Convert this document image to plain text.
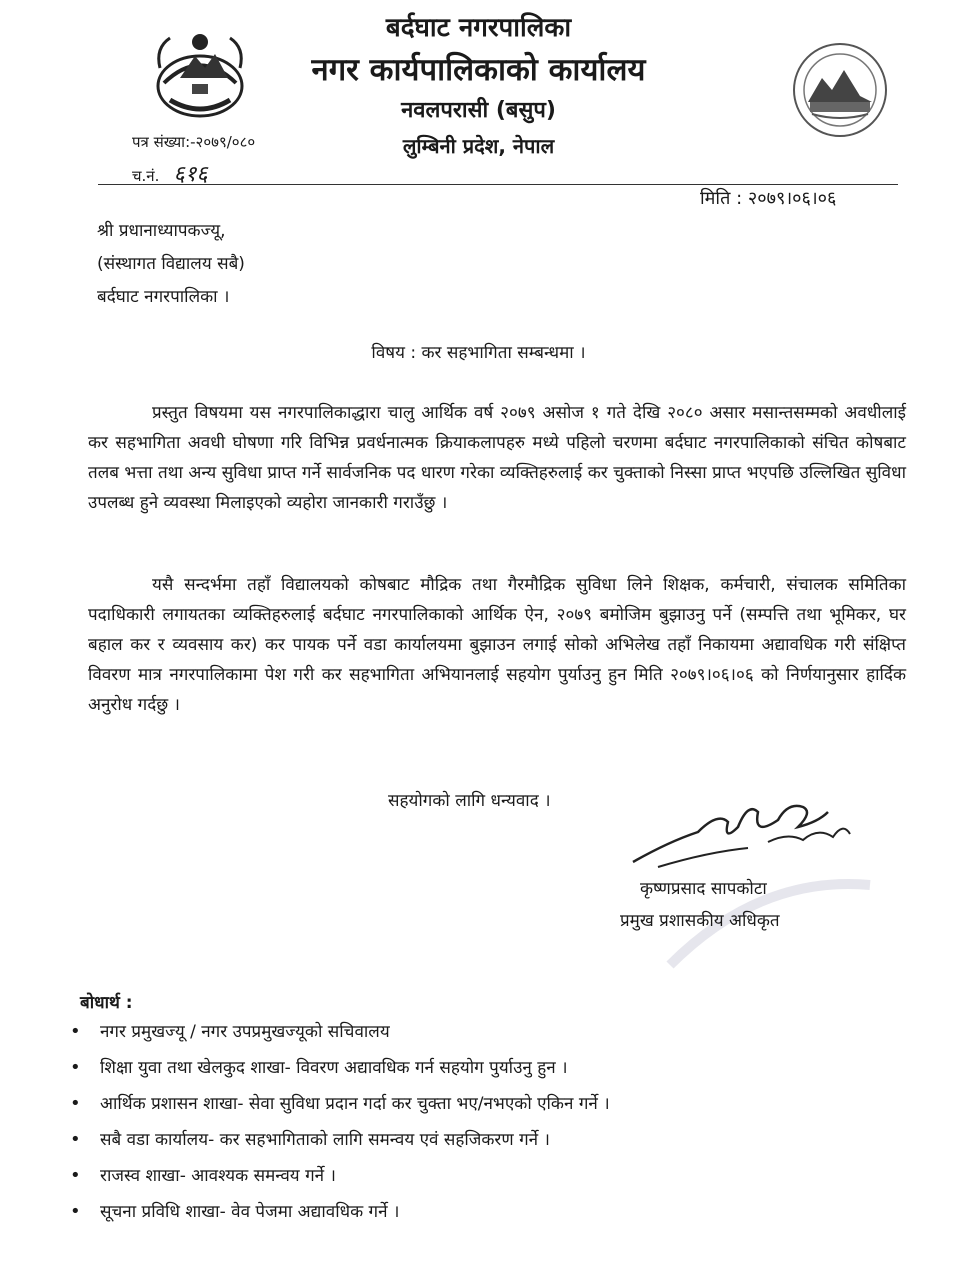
बर्दघाट नगरपालिका
नगर कार्यपालिकाको कार्यालय
नवलपरासी (बसुप)
लुम्बिनी प्रदेश, नेपाल
पत्र संख्या:-२०७९/०८०
च.नं. ६१६
मिति : २०७९।०६।०६
श्री प्रधानाध्यापकज्यू,
(संस्थागत विद्यालय सबै)
बर्दघाट नगरपालिका ।
विषय : कर सहभागिता सम्बन्धमा ।
प्रस्तुत विषयमा यस नगरपालिकाद्धारा चालु आर्थिक वर्ष २०७९ असोज १ गते देखि २०८० असार मसान्तसम्मको अवधीलाई कर सहभागिता अवधी घोषणा गरि विभिन्न प्रवर्धनात्मक क्रियाकलापहरु मध्ये पहिलो चरणमा बर्दघाट नगरपालिकाको संचित कोषबाट तलब भत्ता तथा अन्य सुविधा प्राप्त गर्ने सार्वजनिक पद धारण गरेका व्यक्तिहरुलाई कर चुक्ताको निस्सा प्राप्त भएपछि उल्लिखित सुविधा उपलब्ध हुने व्यवस्था मिलाइएको व्यहोरा जानकारी गराउँछु ।
यसै सन्दर्भमा तहाँ विद्यालयको कोषबाट मौद्रिक तथा गैरमौद्रिक सुविधा लिने शिक्षक, कर्मचारी, संचालक समितिका पदाधिकारी लगायतका व्यक्तिहरुलाई बर्दघाट नगरपालिकाको आर्थिक ऐन, २०७९ बमोजिम बुझाउनु पर्ने (सम्पत्ति तथा भूमिकर, घर बहाल कर र व्यवसाय कर) कर पायक पर्ने वडा कार्यालयमा बुझाउन लगाई सोको अभिलेख तहाँ निकायमा अद्यावधिक गरी संक्षिप्त विवरण मात्र नगरपालिकामा पेश गरी कर सहभागिता अभियानलाई सहयोग पुर्याउनु हुन मिति २०७९।०६।०६ को निर्णयानुसार हार्दिक अनुरोध गर्दछु ।
सहयोगको लागि धन्यवाद ।
कृष्णप्रसाद सापकोटा
प्रमुख प्रशासकीय अधिकृत
बोधार्थ :
• नगर प्रमुखज्यू / नगर उपप्रमुखज्यूको सचिवालय
• शिक्षा युवा तथा खेलकुद शाखा- विवरण अद्यावधिक गर्न सहयोग पुर्याउनु हुन ।
• आर्थिक प्रशासन शाखा- सेवा सुविधा प्रदान गर्दा कर चुक्ता भए/नभएको एकिन गर्ने ।
• सबै वडा कार्यालय- कर सहभागिताको लागि समन्वय एवं सहजिकरण गर्ने ।
• राजस्व शाखा- आवश्यक समन्वय गर्ने ।
• सूचना प्रविधि शाखा- वेव पेजमा अद्यावधिक गर्ने ।
